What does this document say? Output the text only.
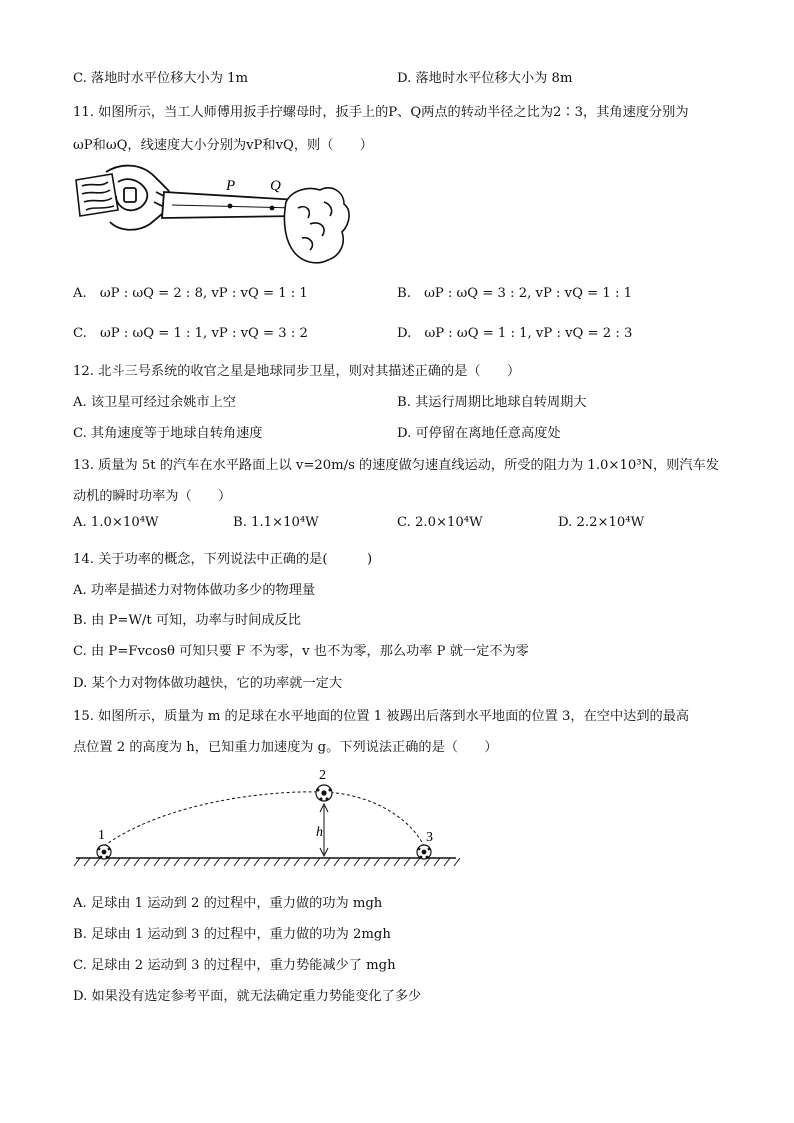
C. 落地时水平位移大小为 1m	D. 落地时水平位移大小为 8m
11. 如图所示，当工人师傅用扳手拧螺母时，扳手上的P、Q两点的转动半径之比为2∶3，其角速度分别为
ωP和ωQ，线速度大小分别为vP和vQ，则（　　）
P Q
A.　ωP : ωQ = 2 : 8, vP : vQ = 1 : 1	B.　ωP : ωQ = 3 : 2, vP : vQ = 1 : 1
C.　ωP : ωQ = 1 : 1, vP : vQ = 3 : 2	D.　ωP : ωQ = 1 : 1, vP : vQ = 2 : 3
12. 北斗三号系统的收官之星是地球同步卫星，则对其描述正确的是（　　）
A. 该卫星可经过余姚市上空	B. 其运行周期比地球自转周期大
C. 其角速度等于地球自转角速度	D. 可停留在离地任意高度处
13. 质量为 5t 的汽车在水平路面上以 v=20m/s 的速度做匀速直线运动，所受的阻力为 1.0×10³N，则汽车发
动机的瞬时功率为（　　）
A. 1.0×10⁴W	B. 1.1×10⁴W	C. 2.0×10⁴W	D. 2.2×10⁴W
14. 关于功率的概念，下列说法中正确的是(　　　)
A. 功率是描述力对物体做功多少的物理量
B. 由 P=W/t 可知，功率与时间成反比
C. 由 P=Fvcosθ 可知只要 F 不为零，v 也不为零，那么功率 P 就一定不为零
D. 某个力对物体做功越快，它的功率就一定大
15. 如图所示，质量为 m 的足球在水平地面的位置 1 被踢出后落到水平地面的位置 3，在空中达到的最高
点位置 2 的高度为 h，已知重力加速度为 g。下列说法正确的是（　　）
h
1
2
3
A. 足球由 1 运动到 2 的过程中，重力做的功为 mgh
B. 足球由 1 运动到 3 的过程中，重力做的功为 2mgh
C. 足球由 2 运动到 3 的过程中，重力势能减少了 mgh
D. 如果没有选定参考平面，就无法确定重力势能变化了多少
